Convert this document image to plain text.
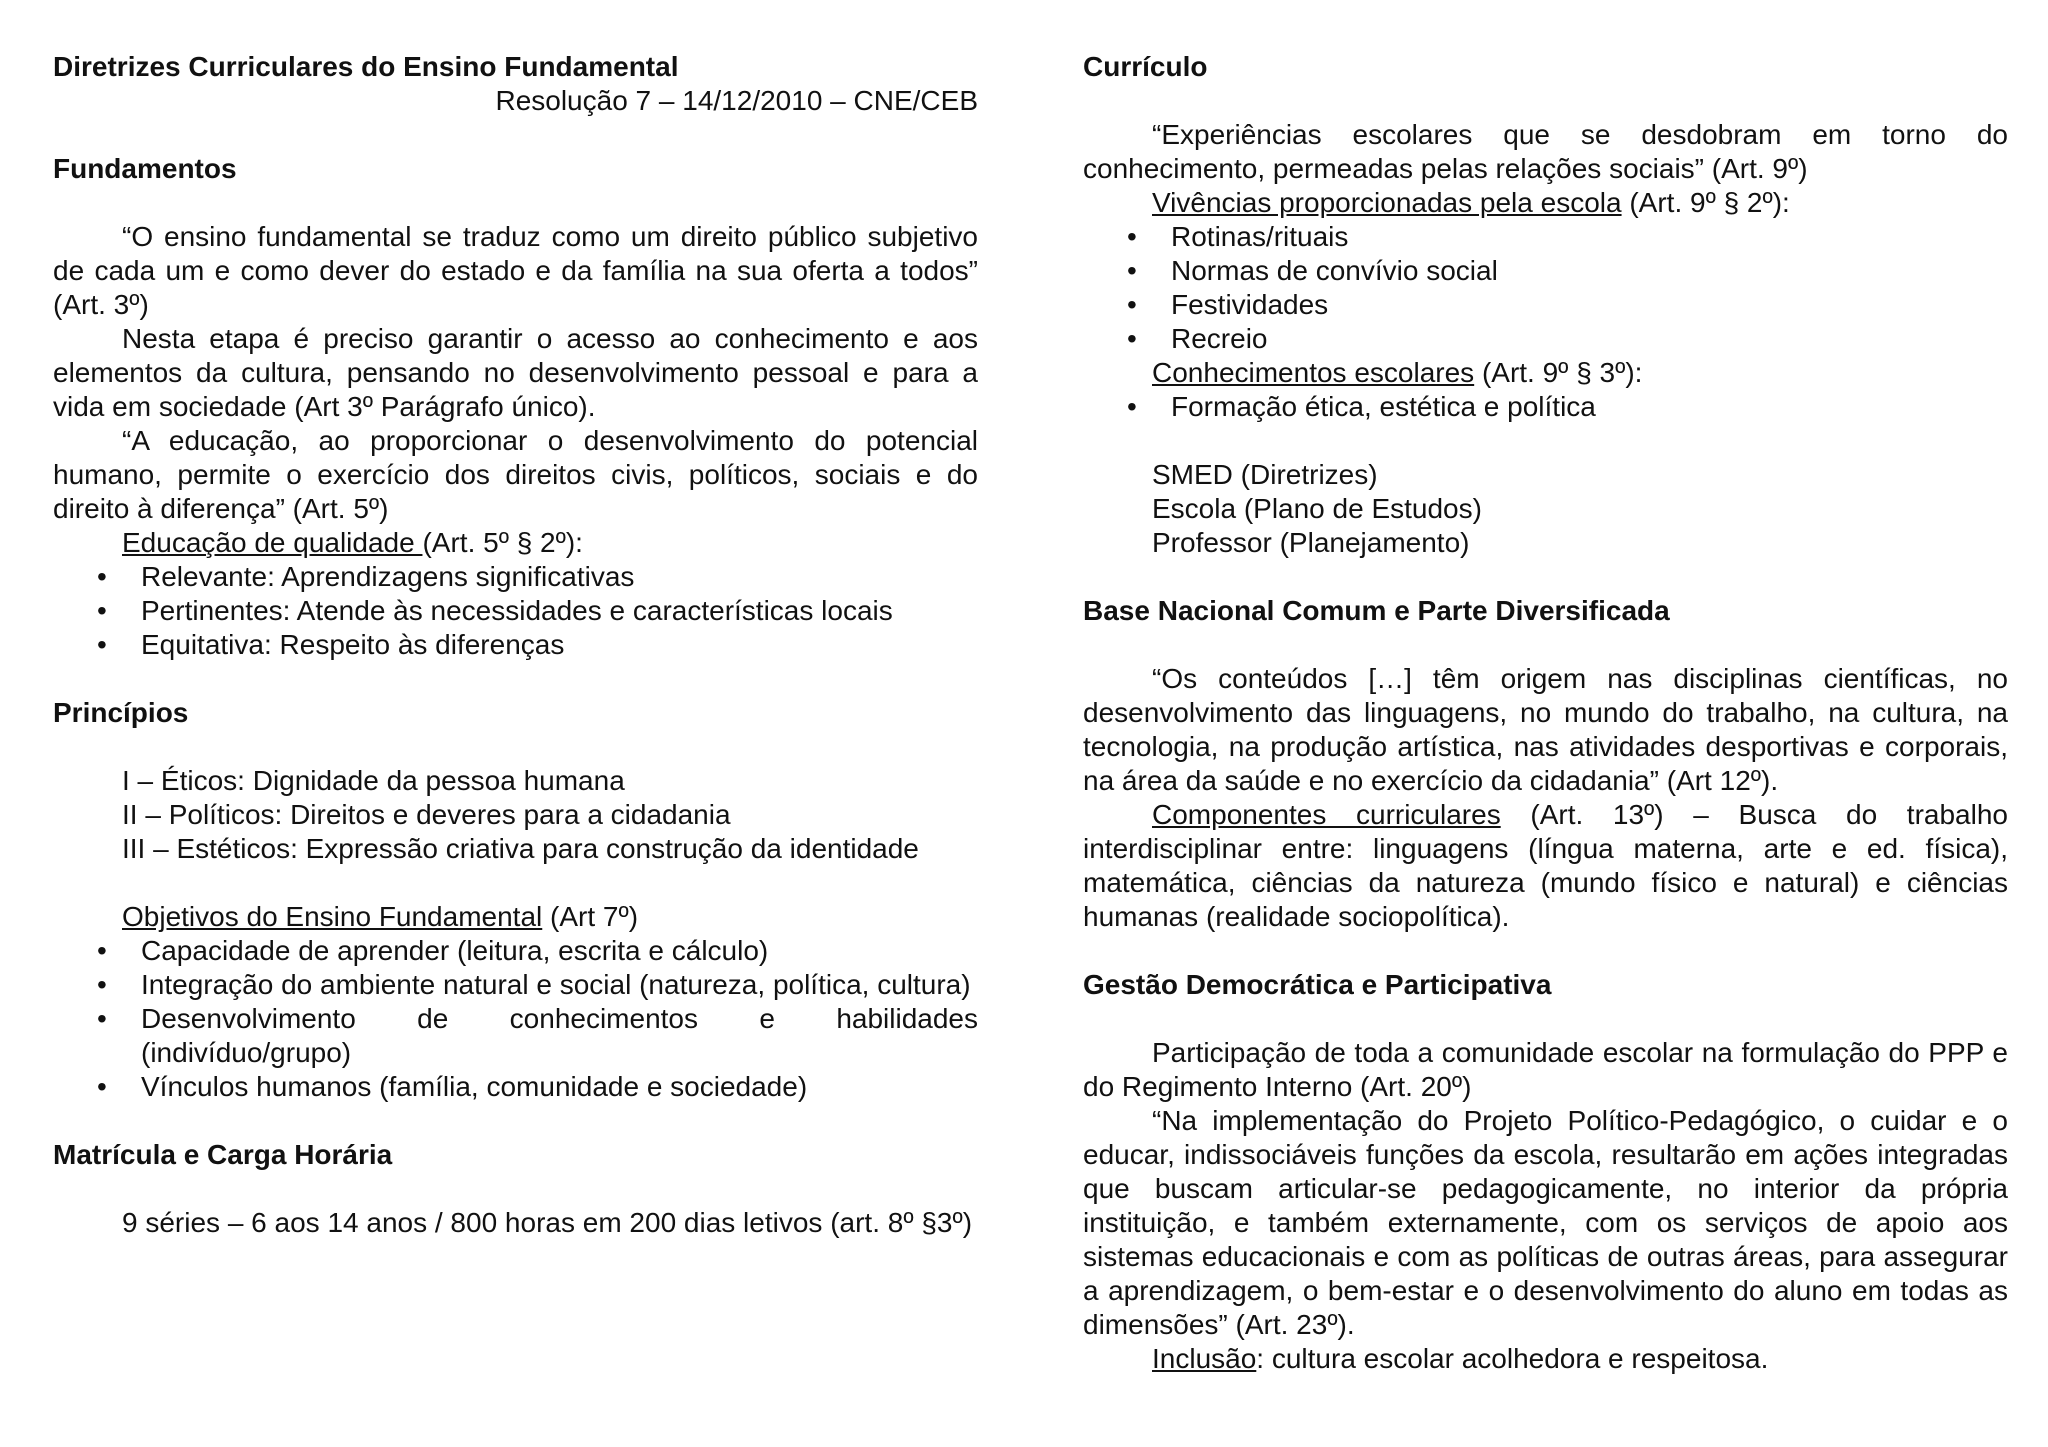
Diretrizes Curriculares do Ensino Fundamental

Resolução 7 – 14/12/2010 – CNE/CEB

Fundamentos

“O ensino fundamental se traduz como um direito público subjetivo de cada um e como dever do estado e da família na sua oferta a todos” (Art. 3º)

Nesta etapa é preciso garantir o acesso ao conhecimento e aos elementos da cultura, pensando no desenvolvimento pessoal e para a vida em sociedade (Art 3º Parágrafo único).

“A educação, ao proporcionar o desenvolvimento do potencial humano, permite o exercício dos direitos civis, políticos, sociais e do direito à diferença” (Art. 5º)

Educação de qualidade (Art. 5º § 2º):

• Relevante: Aprendizagens significativas
• Pertinentes: Atende às necessidades e características locais
• Equitativa: Respeito às diferenças
Princípios

I – Éticos: Dignidade da pessoa humana

II – Políticos: Direitos e deveres para a cidadania

III – Estéticos: Expressão criativa para construção da identidade

Objetivos do Ensino Fundamental (Art 7º)

• Capacidade de aprender (leitura, escrita e cálculo)
• Integração do ambiente natural e social (natureza, política, cultura)
• Desenvolvimento de conhecimentos e habilidades (indivíduo/grupo)
• Vínculos humanos (família, comunidade e sociedade)
Matrícula e Carga Horária

9 séries – 6 aos 14 anos / 800 horas em 200 dias letivos (art. 8º §3º)

Currículo

“Experiências escolares que se desdobram em torno do conhecimento, permeadas pelas relações sociais” (Art. 9º)

Vivências proporcionadas pela escola (Art. 9º § 2º):

• Rotinas/rituais
• Normas de convívio social
• Festividades
• Recreio

Conhecimentos escolares (Art. 9º § 3º):

• Formação ética, estética e política

SMED (Diretrizes)

Escola (Plano de Estudos)

Professor (Planejamento)

Base Nacional Comum e Parte Diversificada

“Os conteúdos […] têm origem nas disciplinas científicas, no desenvolvimento das linguagens, no mundo do trabalho, na cultura, na tecnologia, na produção artística, nas atividades desportivas e corporais, na área da saúde e no exercício da cidadania” (Art 12º).

Componentes curriculares (Art. 13º) – Busca do trabalho interdisciplinar entre: linguagens (língua materna, arte e ed. física), matemática, ciências da natureza (mundo físico e natural) e ciências humanas (realidade sociopolítica).

Gestão Democrática e Participativa

Participação de toda a comunidade escolar na formulação do PPP e do Regimento Interno (Art. 20º)

“Na implementação do Projeto Político-Pedagógico, o cuidar e o educar, indissociáveis funções da escola, resultarão em ações integradas que buscam articular-se pedagogicamente, no interior da própria instituição, e também externamente, com os serviços de apoio aos sistemas educacionais e com as políticas de outras áreas, para assegurar a aprendizagem, o bem-estar e o desenvolvimento do aluno em todas as dimensões” (Art. 23º).

Inclusão: cultura escolar acolhedora e respeitosa.
